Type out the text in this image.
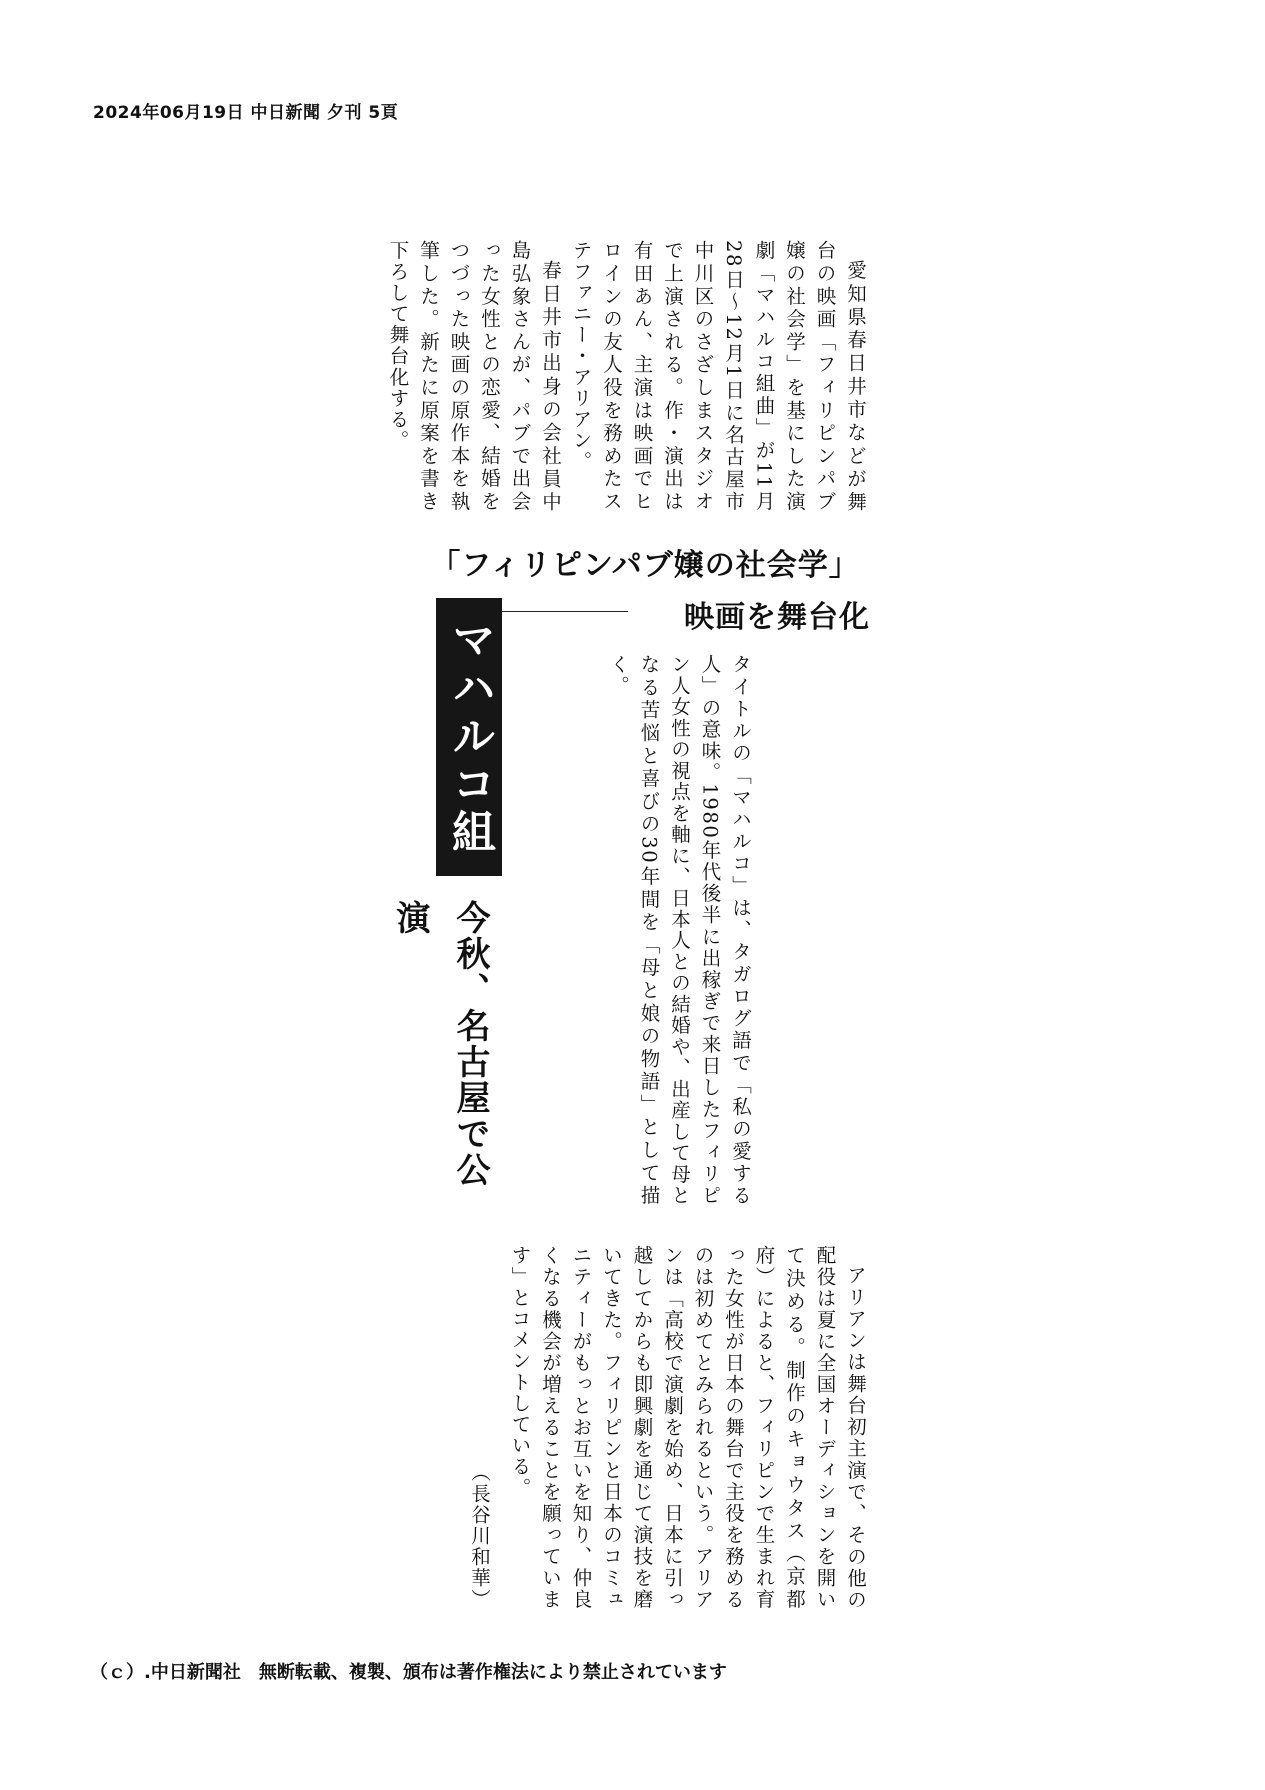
2024年06月19日 中日新聞 夕刊 5頁

愛知県春日井市などが舞台の映画「フィリピンパブ嬢の社会学」を基にした演劇「マハルコ組曲」が11月28日〜12月1日に名古屋市中川区のさざしまスタジオで上演される。作・演出は有田あん、主演は映画でヒロインの友人役を務めたステファニー・アリアン。

春日井市出身の会社員中島弘象さんが、パブで出会った女性との恋愛、結婚をつづった映画の原作本を執筆した。新たに原案を書き下ろして舞台化する。

「フィリピンパブ嬢の社会学」
映画を舞台化
マハルコ組曲
今秋、名古屋で公演	タイトルの「マハルコ」は、タガログ語で「私の愛する人」の意味。1980年代後半に出稼ぎで来日したフィリピン人女性の視点を軸に、日本人との結婚や、出産して母となる苦悩と喜びの30年間を「母と娘の物語」として描く。

アリアンは舞台初主演で、その他の配役は夏に全国オーディションを開いて決める。制作のキョウタス（京都府）によると、フィリピンで生まれ育った女性が日本の舞台で主役を務めるのは初めてとみられるという。アリアンは「高校で演劇を始め、日本に引っ越してからも即興劇を通じて演技を磨いてきた。フィリピンと日本のコミュニティーがもっとお互いを知り、仲良くなる機会が増えることを願っています」とコメントしている。

（長谷川和華）

（ｃ）.中日新聞社　無断転載、複製、頒布は著作権法により禁止されています
